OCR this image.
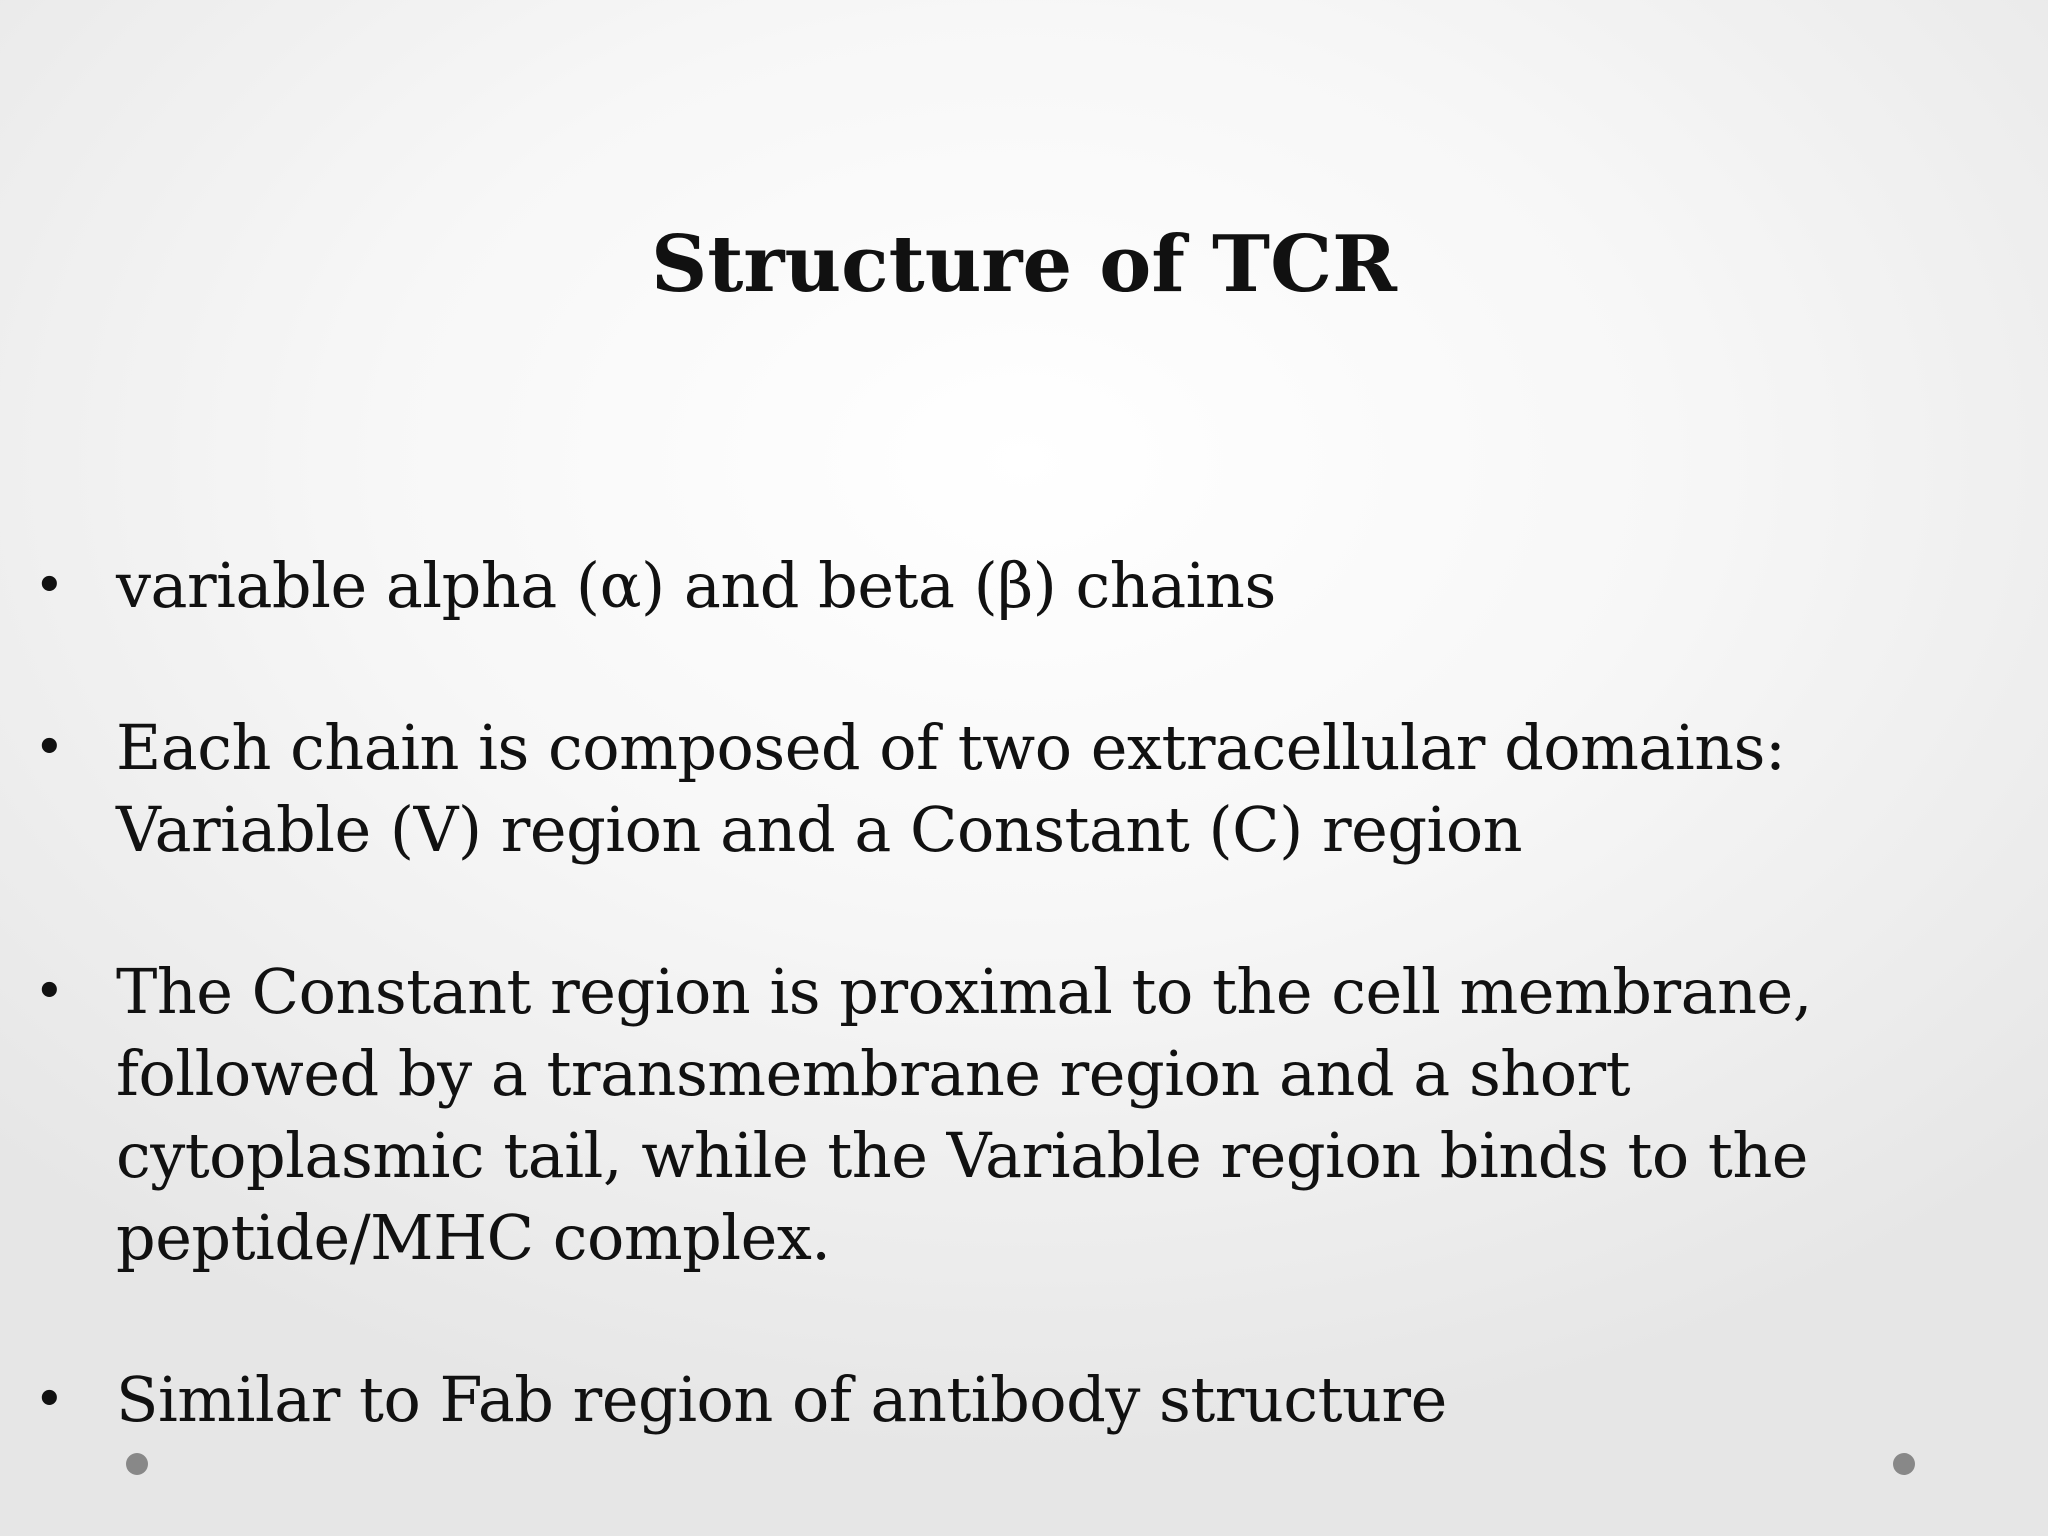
Structure of TCR
• variable alpha (α) and beta (β) chains
• Each chain is composed of two extracellular domains: Variable (V) region and a Constant (C) region
• The Constant region is proximal to the cell membrane, followed by a transmembrane region and a short cytoplasmic tail, while the Variable region binds to the peptide/MHC complex.
• Similar to Fab region of antibody structure
